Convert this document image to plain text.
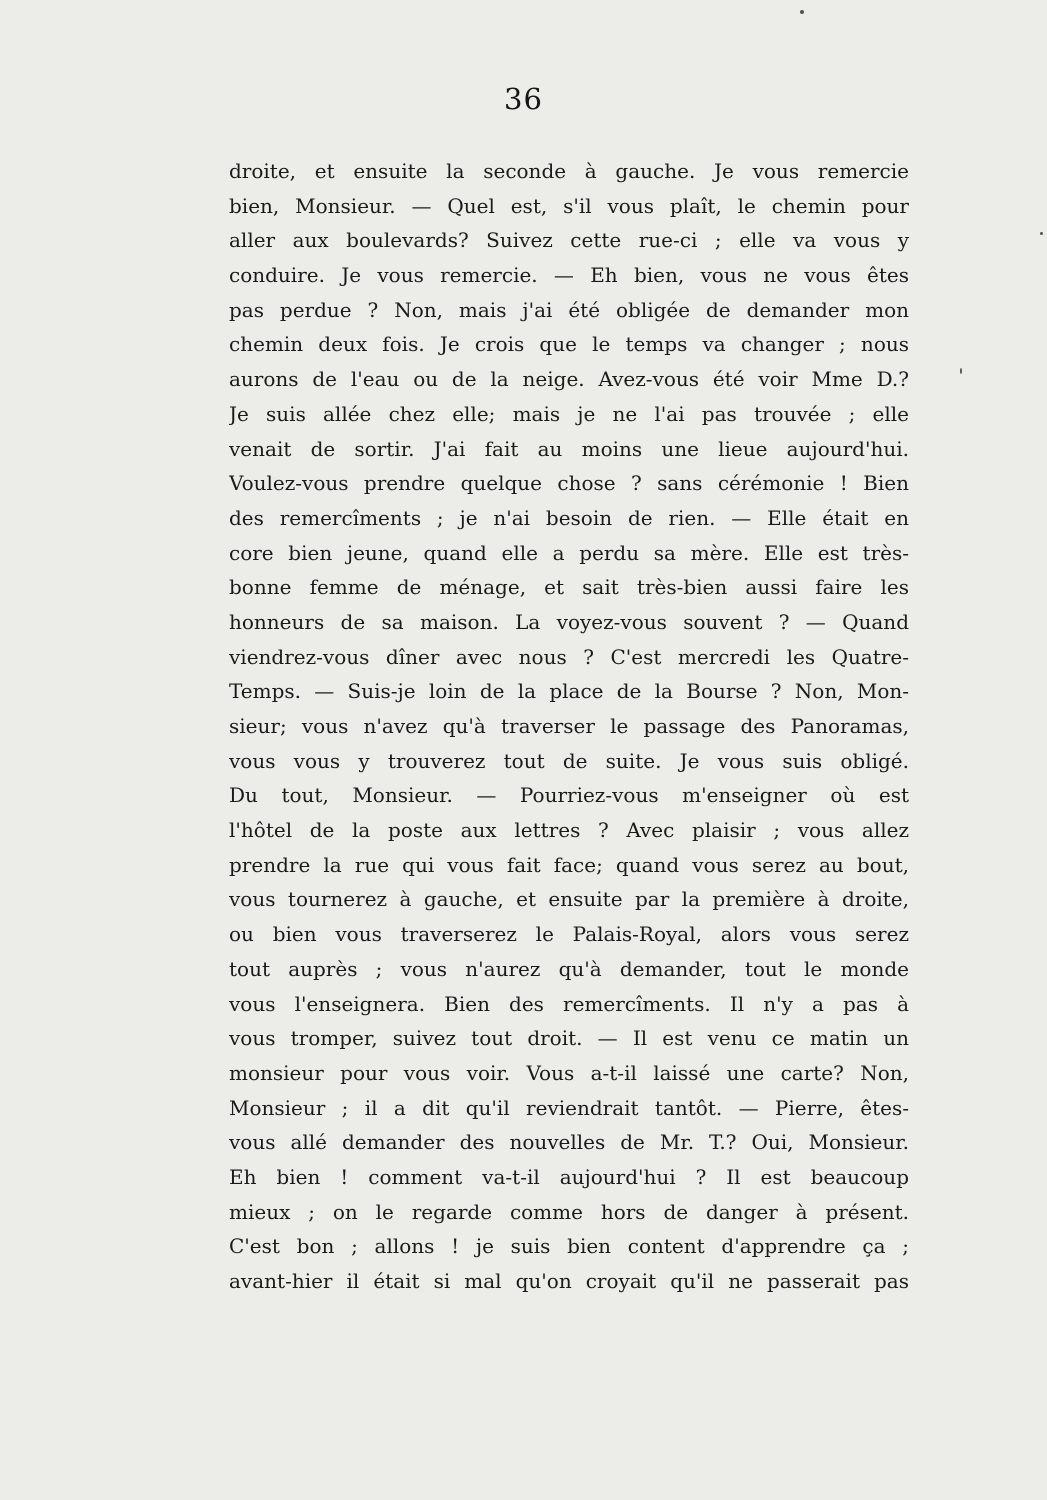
36
droite, et ensuite la seconde à gauche. Je vous remercie
bien, Monsieur. — Quel est, s'il vous plaît, le chemin pour
aller aux boulevards? Suivez cette rue-ci ; elle va vous y
conduire. Je vous remercie. — Eh bien, vous ne vous êtes
pas perdue ? Non, mais j'ai été obligée de demander mon
chemin deux fois. Je crois que le temps va changer ; nous
aurons de l'eau ou de la neige. Avez-vous été voir Mme D.?
Je suis allée chez elle; mais je ne l'ai pas trouvée ; elle
venait de sortir. J'ai fait au moins une lieue aujourd'hui.
Voulez-vous prendre quelque chose ? sans cérémonie ! Bien
des remercîments ; je n'ai besoin de rien. — Elle était en
core bien jeune, quand elle a perdu sa mère. Elle est très-
bonne femme de ménage, et sait très-bien aussi faire les
honneurs de sa maison. La voyez-vous souvent ? — Quand
viendrez-vous dîner avec nous ? C'est mercredi les Quatre-
Temps. — Suis-je loin de la place de la Bourse ? Non, Mon-
sieur; vous n'avez qu'à traverser le passage des Panoramas,
vous vous y trouverez tout de suite. Je vous suis obligé.
Du tout, Monsieur. — Pourriez-vous m'enseigner où est
l'hôtel de la poste aux lettres ? Avec plaisir ; vous allez
prendre la rue qui vous fait face; quand vous serez au bout,
vous tournerez à gauche, et ensuite par la première à droite,
ou bien vous traverserez le Palais-Royal, alors vous serez
tout auprès ; vous n'aurez qu'à demander, tout le monde
vous l'enseignera. Bien des remercîments. Il n'y a pas à
vous tromper, suivez tout droit. — Il est venu ce matin un
monsieur pour vous voir. Vous a-t-il laissé une carte? Non,
Monsieur ; il a dit qu'il reviendrait tantôt. — Pierre, êtes-
vous allé demander des nouvelles de Mr. T.? Oui, Monsieur.
Eh bien ! comment va-t-il aujourd'hui ? Il est beaucoup
mieux ; on le regarde comme hors de danger à présent.
C'est bon ; allons ! je suis bien content d'apprendre ça ;
avant-hier il était si mal qu'on croyait qu'il ne passerait pas
